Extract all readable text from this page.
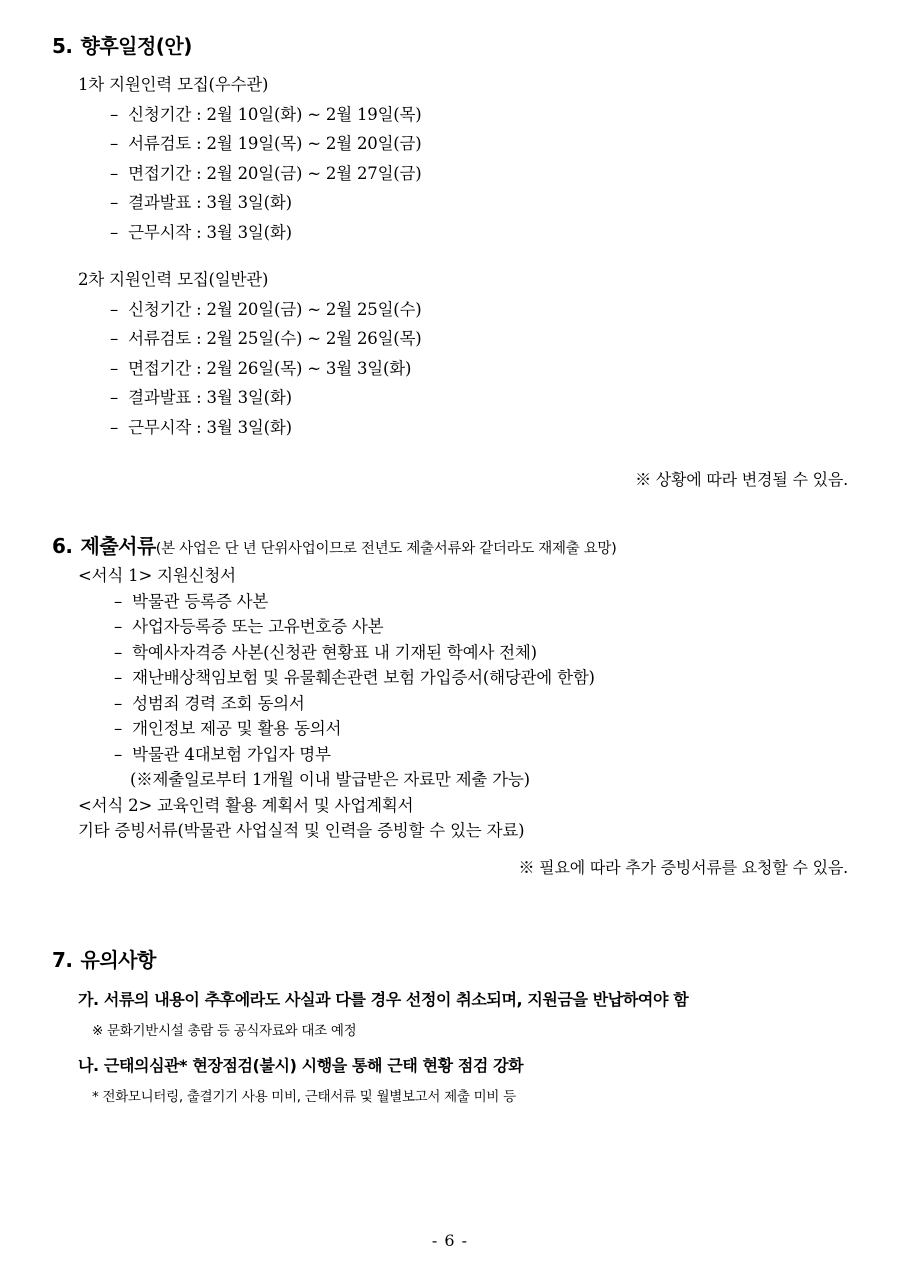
5. 향후일정(안)
1차 지원인력 모집(우수관)
–  신청기간 : 2월 10일(화) ~ 2월 19일(목)
–  서류검토 : 2월 19일(목) ~ 2월 20일(금)
–  면접기간 : 2월 20일(금) ~ 2월 27일(금)
–  결과발표 : 3월 3일(화)
–  근무시작 : 3월 3일(화)
2차 지원인력 모집(일반관)
–  신청기간 : 2월 20일(금) ~ 2월 25일(수)
–  서류검토 : 2월 25일(수) ~ 2월 26일(목)
–  면접기간 : 2월 26일(목) ~ 3월 3일(화)
–  결과발표 : 3월 3일(화)
–  근무시작 : 3월 3일(화)
※ 상황에 따라 변경될 수 있음.
6. 제출서류(본 사업은 단 년 단위사업이므로 전년도 제출서류와 같더라도 재제출 요망)
<서식 1> 지원신청서
–  박물관 등록증 사본
–  사업자등록증 또는 고유번호증 사본
–  학예사자격증 사본(신청관 현황표 내 기재된 학예사 전체)
–  재난배상책임보험 및 유물훼손관련 보험 가입증서(해당관에 한함)
–  성범죄 경력 조회 동의서
–  개인정보 제공 및 활용 동의서
–  박물관 4대보험 가입자 명부
(※제출일로부터 1개월 이내 발급받은 자료만 제출 가능)
<서식 2> 교육인력 활용 계획서 및 사업계획서
기타 증빙서류(박물관 사업실적 및 인력을 증빙할 수 있는 자료)
※ 필요에 따라 추가 증빙서류를 요청할 수 있음.
7. 유의사항
가. 서류의 내용이 추후에라도 사실과 다를 경우 선정이 취소되며, 지원금을 반납하여야 함
※ 문화기반시설 총람 등 공식자료와 대조 예정
나. 근태의심관* 현장점검(불시) 시행을 통해 근태 현황 점검 강화
* 전화모니터링, 출결기기 사용 미비, 근태서류 및 월별보고서 제출 미비 등
- 6 -
